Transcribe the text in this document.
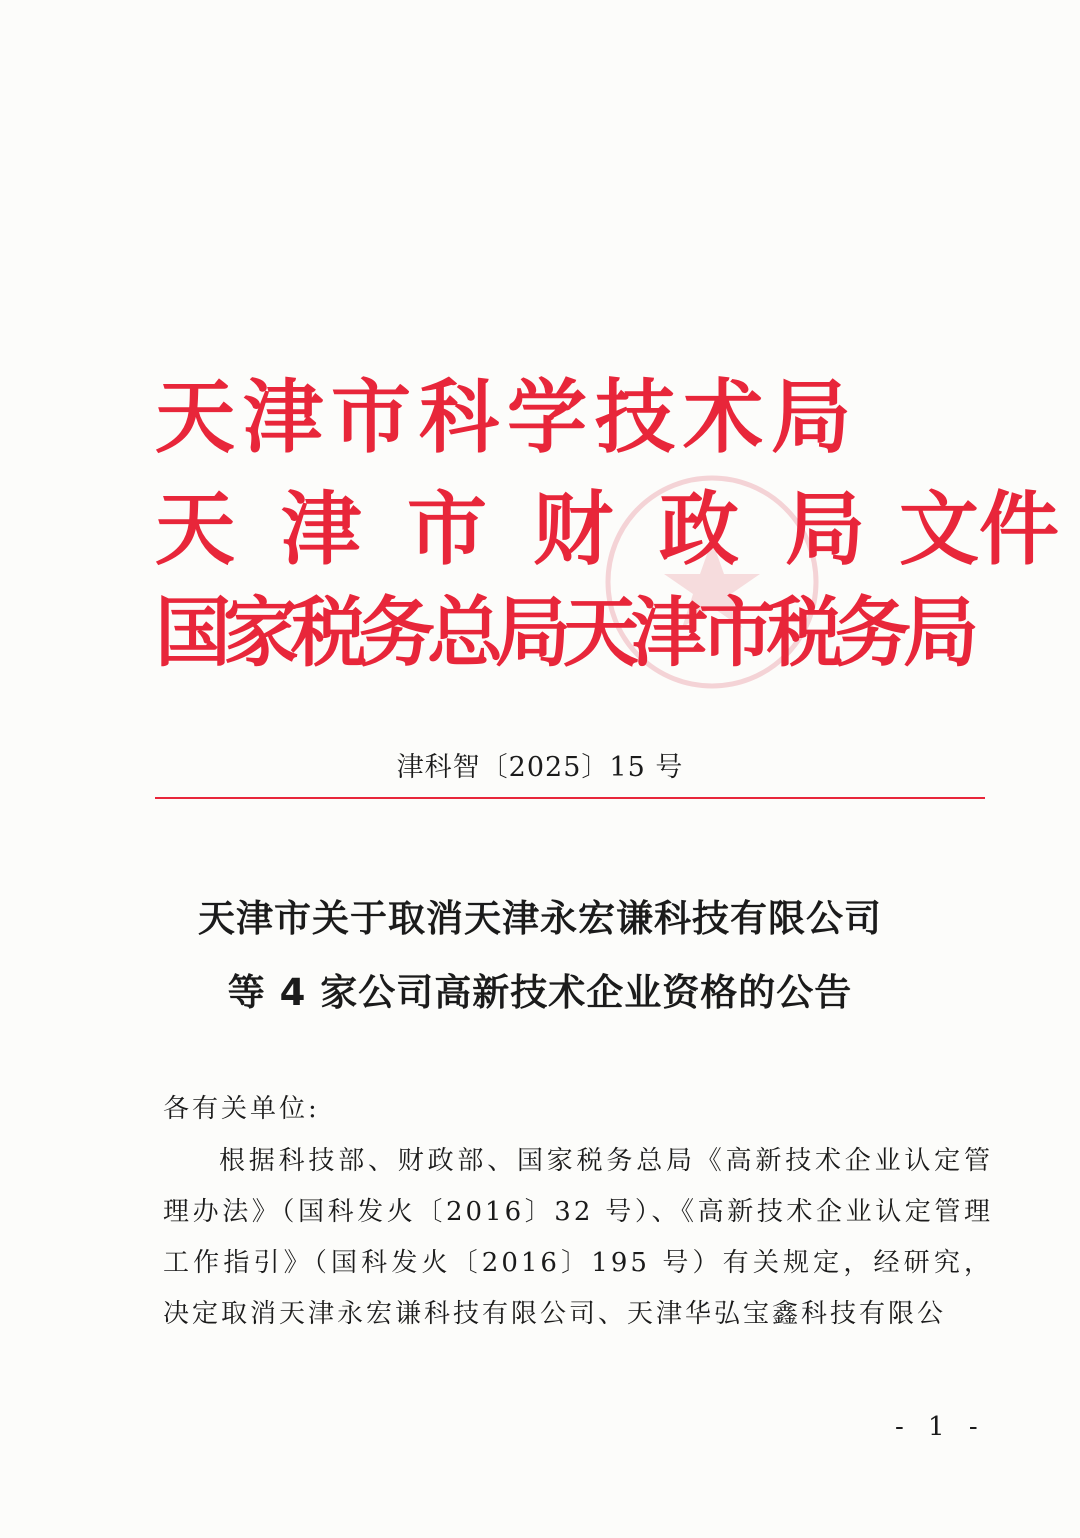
天津市科学技术局
天 津 市 财 政 局 文件
国家税务总局天津市税务局
津科智〔2025〕15 号
天津市关于取消天津永宏谦科技有限公司
等 4 家公司高新技术企业资格的公告
各有关单位:
根据科技部、财政部、国家税务总局《高新技术企业认定管理办法》（国科发火〔2016〕32 号）、《高新技术企业认定管理工作指引》（国科发火〔2016〕195 号）有关规定，经研究，决定取消天津永宏谦科技有限公司、天津华弘宝鑫科技有限公
- 1 -
